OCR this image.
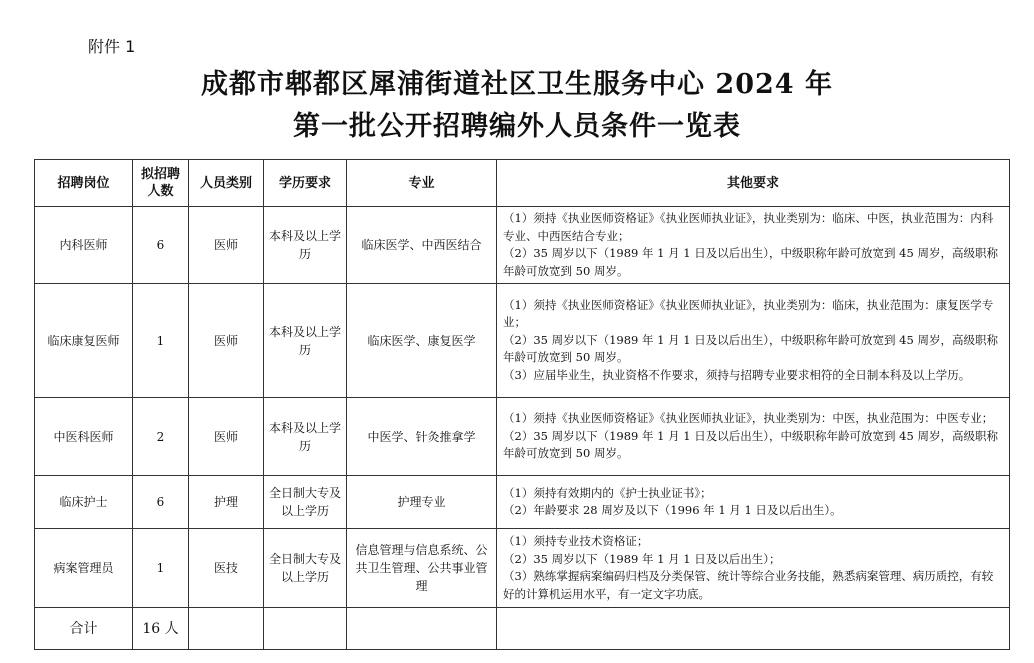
附件 1
成都市郫都区犀浦街道社区卫生服务中心 2024 年
第一批公开招聘编外人员条件一览表
招聘岗位	拟招聘人数	人员类别	学历要求	专业	其他要求
内科医师	6	医师	本科及以上学历	临床医学、中西医结合	（1）须持《执业医师资格证》《执业医师执业证》，执业类别为：临床、中医，执业范围为：内科专业、中西医结合专业；
（2）35 周岁以下（1989 年 1 月 1 日及以后出生），中级职称年龄可放宽到 45 周岁，高级职称年龄可放宽到 50 周岁。

临床康复医师	1	医师	本科及以上学历	临床医学、康复医学	（1）须持《执业医师资格证》《执业医师执业证》，执业类别为：临床，执业范围为：康复医学专业；
（2）35 周岁以下（1989 年 1 月 1 日及以后出生），中级职称年龄可放宽到 45 周岁，高级职称年龄可放宽到 50 周岁。
（3）应届毕业生，执业资格不作要求，须持与招聘专业要求相符的全日制本科及以上学历。

中医科医师	2	医师	本科及以上学历	中医学、针灸推拿学	（1）须持《执业医师资格证》《执业医师执业证》，执业类别为：中医，执业范围为：中医专业；
（2）35 周岁以下（1989 年 1 月 1 日及以后出生），中级职称年龄可放宽到 45 周岁，高级职称年龄可放宽到 50 周岁。

临床护士	6	护理	全日制大专及以上学历	护理专业	（1）须持有效期内的《护士执业证书》；
（2）年龄要求 28 周岁及以下（1996 年 1 月 1 日及以后出生）。

病案管理员	1	医技	全日制大专及以上学历	信息管理与信息系统、公共卫生管理、公共事业管理	（1）须持专业技术资格证；
（2）35 周岁以下（1989 年 1 月 1 日及以后出生）；
（3）熟练掌握病案编码归档及分类保管、统计等综合业务技能，熟悉病案管理、病历质控，有较好的计算机运用水平，有一定文字功底。

合计	16 人				
